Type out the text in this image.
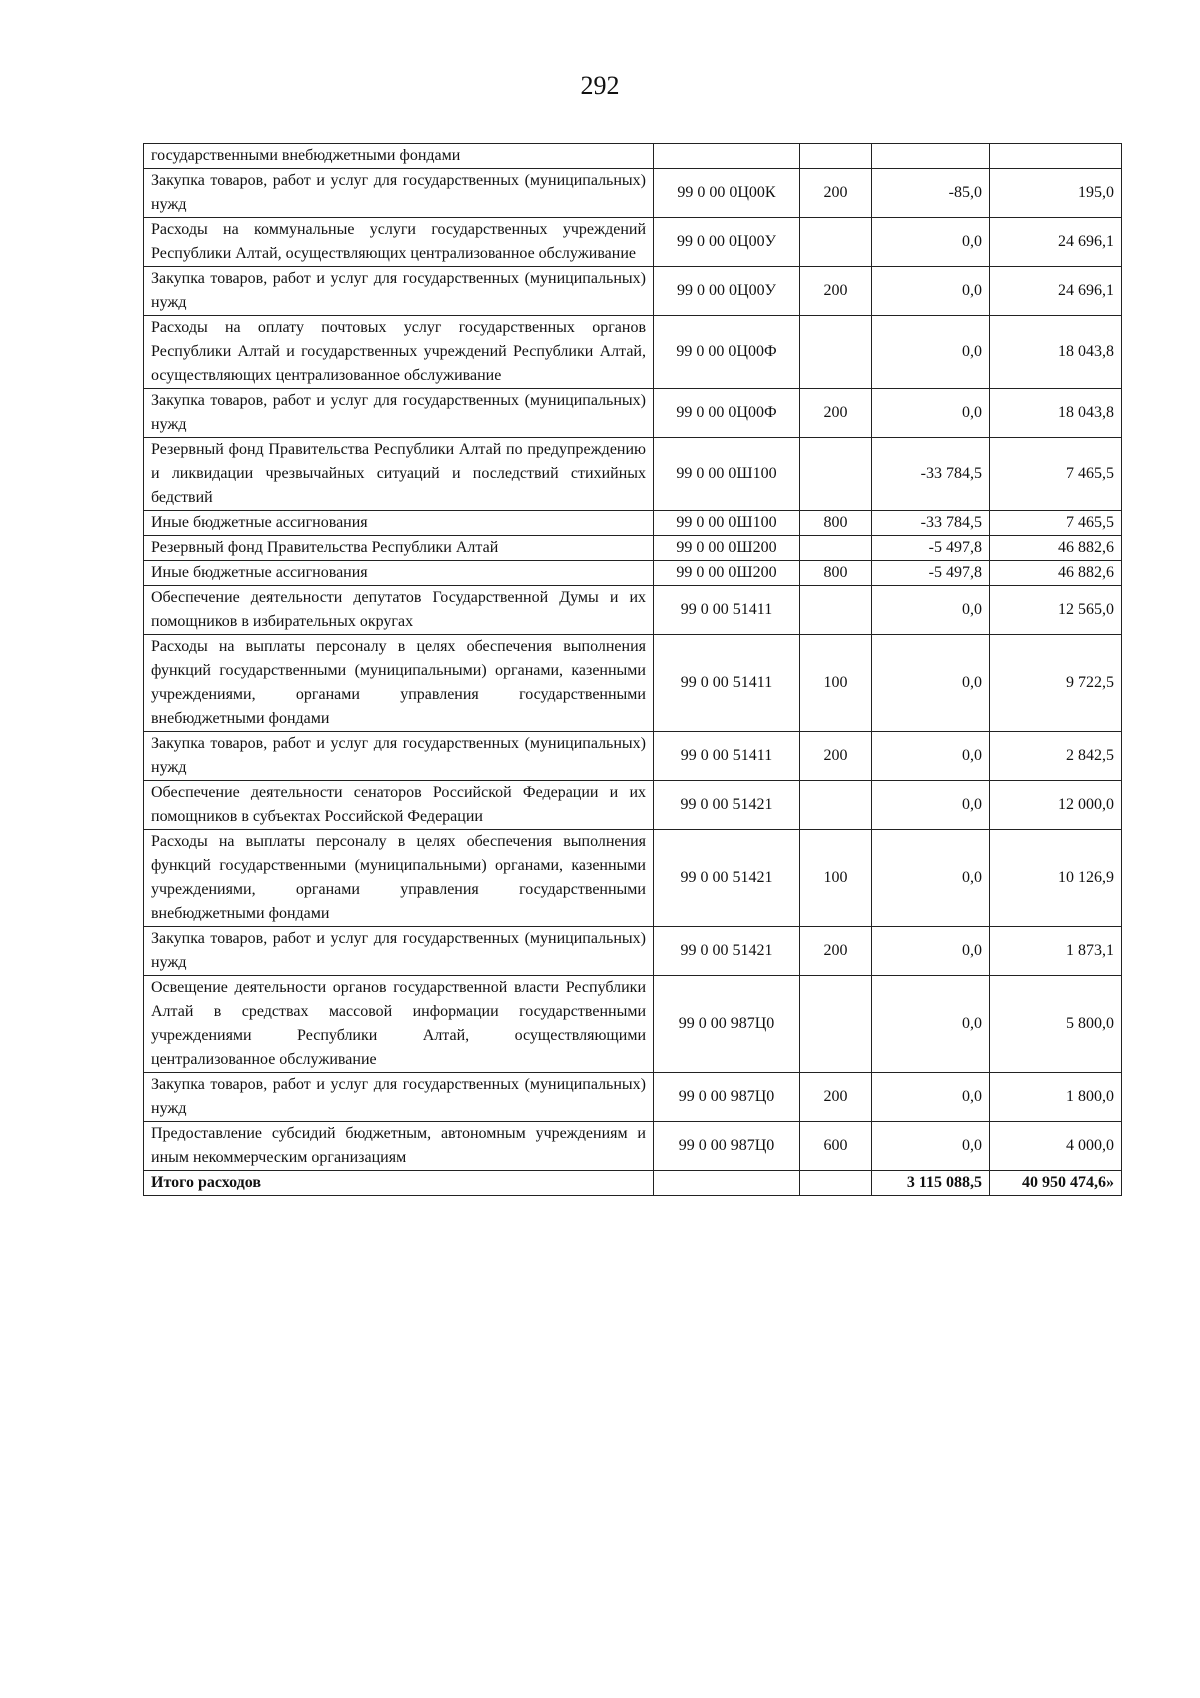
292
государственными внебюджетными фондами				
Закупка товаров, работ и услуг для государственных (муниципальных) нужд	99 0 00 0Ц00К	200	-85,0	195,0
Расходы на коммунальные услуги государственных учреждений Республики Алтай, осуществляющих централизованное обслуживание	99 0 00 0Ц00У		0,0	24 696,1
Закупка товаров, работ и услуг для государственных (муниципальных) нужд	99 0 00 0Ц00У	200	0,0	24 696,1
Расходы на оплату почтовых услуг государственных органов Республики Алтай и государственных учреждений Республики Алтай, осуществляющих централизованное обслуживание	99 0 00 0Ц00Ф		0,0	18 043,8
Закупка товаров, работ и услуг для государственных (муниципальных) нужд	99 0 00 0Ц00Ф	200	0,0	18 043,8
Резервный фонд Правительства Республики Алтай по предупреждению и ликвидации чрезвычайных ситуаций и последствий стихийных бедствий	99 0 00 0Ш100		-33 784,5	7 465,5
Иные бюджетные ассигнования	99 0 00 0Ш100	800	-33 784,5	7 465,5
Резервный фонд Правительства Республики Алтай	99 0 00 0Ш200		-5 497,8	46 882,6
Иные бюджетные ассигнования	99 0 00 0Ш200	800	-5 497,8	46 882,6
Обеспечение деятельности депутатов Государственной Думы и их помощников в избирательных округах	99 0 00 51411		0,0	12 565,0
Расходы на выплаты персоналу в целях обеспечения выполнения функций государственными (муниципальными) органами, казенными учреждениями, органами управления государственными внебюджетными фондами	99 0 00 51411	100	0,0	9 722,5
Закупка товаров, работ и услуг для государственных (муниципальных) нужд	99 0 00 51411	200	0,0	2 842,5
Обеспечение деятельности сенаторов Российской Федерации и их помощников в субъектах Российской Федерации	99 0 00 51421		0,0	12 000,0
Расходы на выплаты персоналу в целях обеспечения выполнения функций государственными (муниципальными) органами, казенными учреждениями, органами управления государственными внебюджетными фондами	99 0 00 51421	100	0,0	10 126,9
Закупка товаров, работ и услуг для государственных (муниципальных) нужд	99 0 00 51421	200	0,0	1 873,1
Освещение деятельности органов государственной власти Республики Алтай в средствах массовой информации государственными учреждениями Республики Алтай, осуществляющими централизованное обслуживание	99 0 00 987Ц0		0,0	5 800,0
Закупка товаров, работ и услуг для государственных (муниципальных) нужд	99 0 00 987Ц0	200	0,0	1 800,0
Предоставление субсидий бюджетным, автономным учреждениям и иным некоммерческим организациям	99 0 00 987Ц0	600	0,0	4 000,0
Итого расходов			3 115 088,5	40 950 474,6»
